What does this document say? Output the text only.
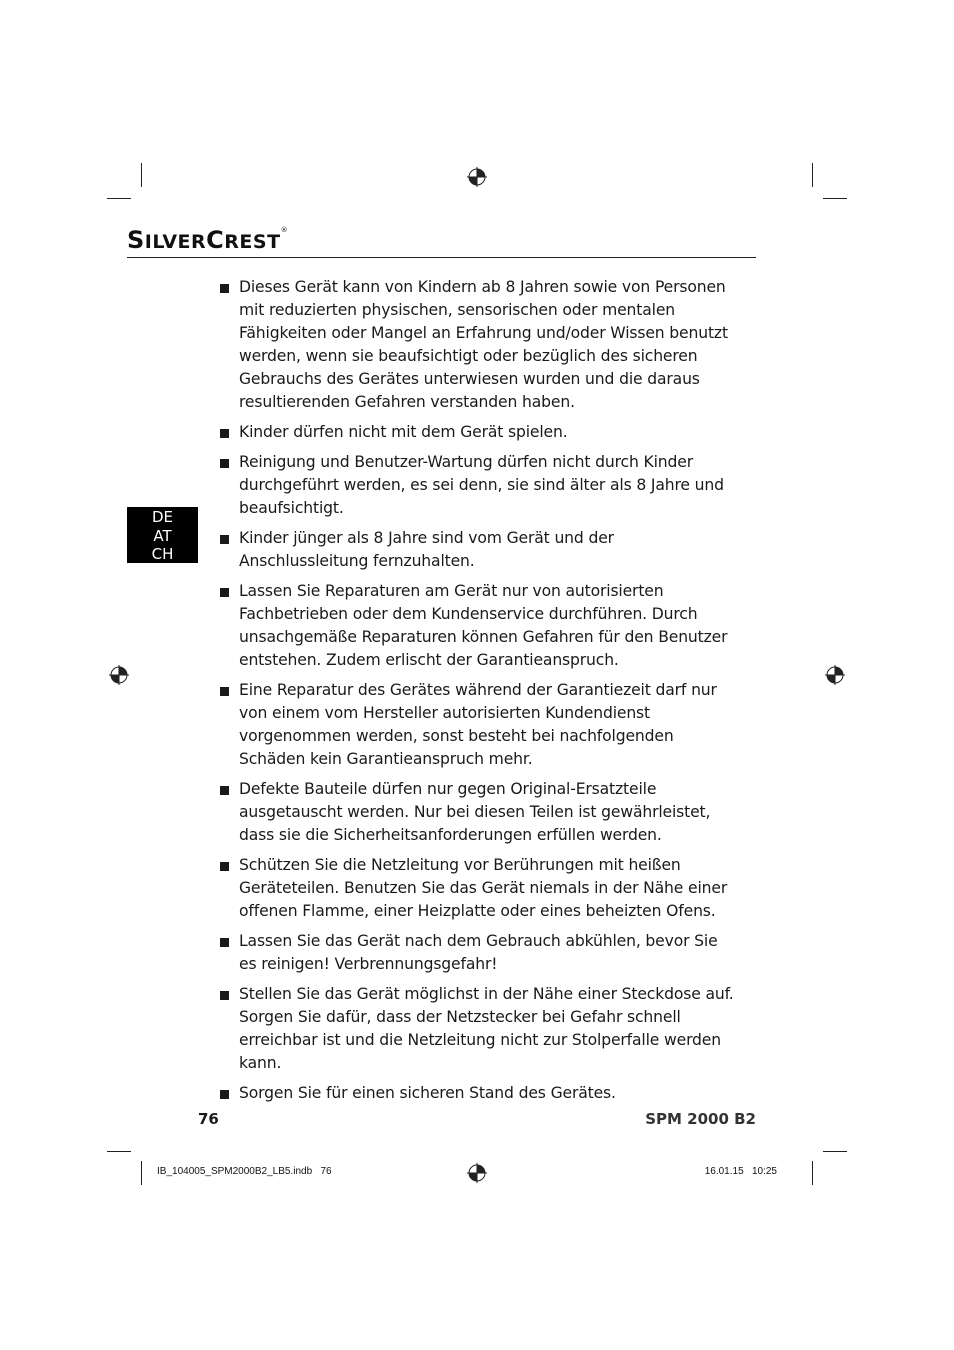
SILVERCREST®
DE
AT
CH
Dieses Gerät kann von Kindern ab 8 Jahren sowie von Personen mit reduzierten physischen, sensorischen oder mentalen Fähigkeiten oder Mangel an Erfahrung und/oder Wissen benutzt werden, wenn sie beaufsichtigt oder bezüglich des sicheren Gebrauchs des Gerätes unterwiesen wurden und die daraus resultierenden Gefahren verstanden haben.
Kinder dürfen nicht mit dem Gerät spielen.
Reinigung und Benutzer-Wartung dürfen nicht durch Kinder durchgeführt werden, es sei denn, sie sind älter als 8 Jahre und beaufsichtigt.
Kinder jünger als 8 Jahre sind vom Gerät und der Anschlussleitung fernzuhalten.
Lassen Sie Reparaturen am Gerät nur von autorisierten Fachbetrieben oder dem Kundenservice durchführen. Durch unsachgemäße Reparaturen können Gefahren für den Benutzer entstehen. Zudem erlischt der Garantieanspruch.
Eine Reparatur des Gerätes während der Garantiezeit darf nur von einem vom Hersteller autorisierten Kundendienst vorgenommen werden, sonst besteht bei nachfolgenden Schäden kein Garantieanspruch mehr.
Defekte Bauteile dürfen nur gegen Original-Ersatzteile ausgetauscht werden. Nur bei diesen Teilen ist gewährleistet, dass sie die Sicherheitsanforderungen erfüllen werden.
Schützen Sie die Netzleitung vor Berührungen mit heißen Geräteteilen. Benutzen Sie das Gerät niemals in der Nähe einer offenen Flamme, einer Heizplatte oder eines beheizten Ofens.
Lassen Sie das Gerät nach dem Gebrauch abkühlen, bevor Sie es reinigen! Verbrennungsgefahr!
Stellen Sie das Gerät möglichst in der Nähe einer Steckdose auf. Sorgen Sie dafür, dass der Netzstecker bei Gefahr schnell erreichbar ist und die Netzleitung nicht zur Stolperfalle werden kann.
Sorgen Sie für einen sicheren Stand des Gerätes.
76	SPM 2000 B2
IB_104005_SPM2000B2_LB5.indb   76	16.01.15   10:25
